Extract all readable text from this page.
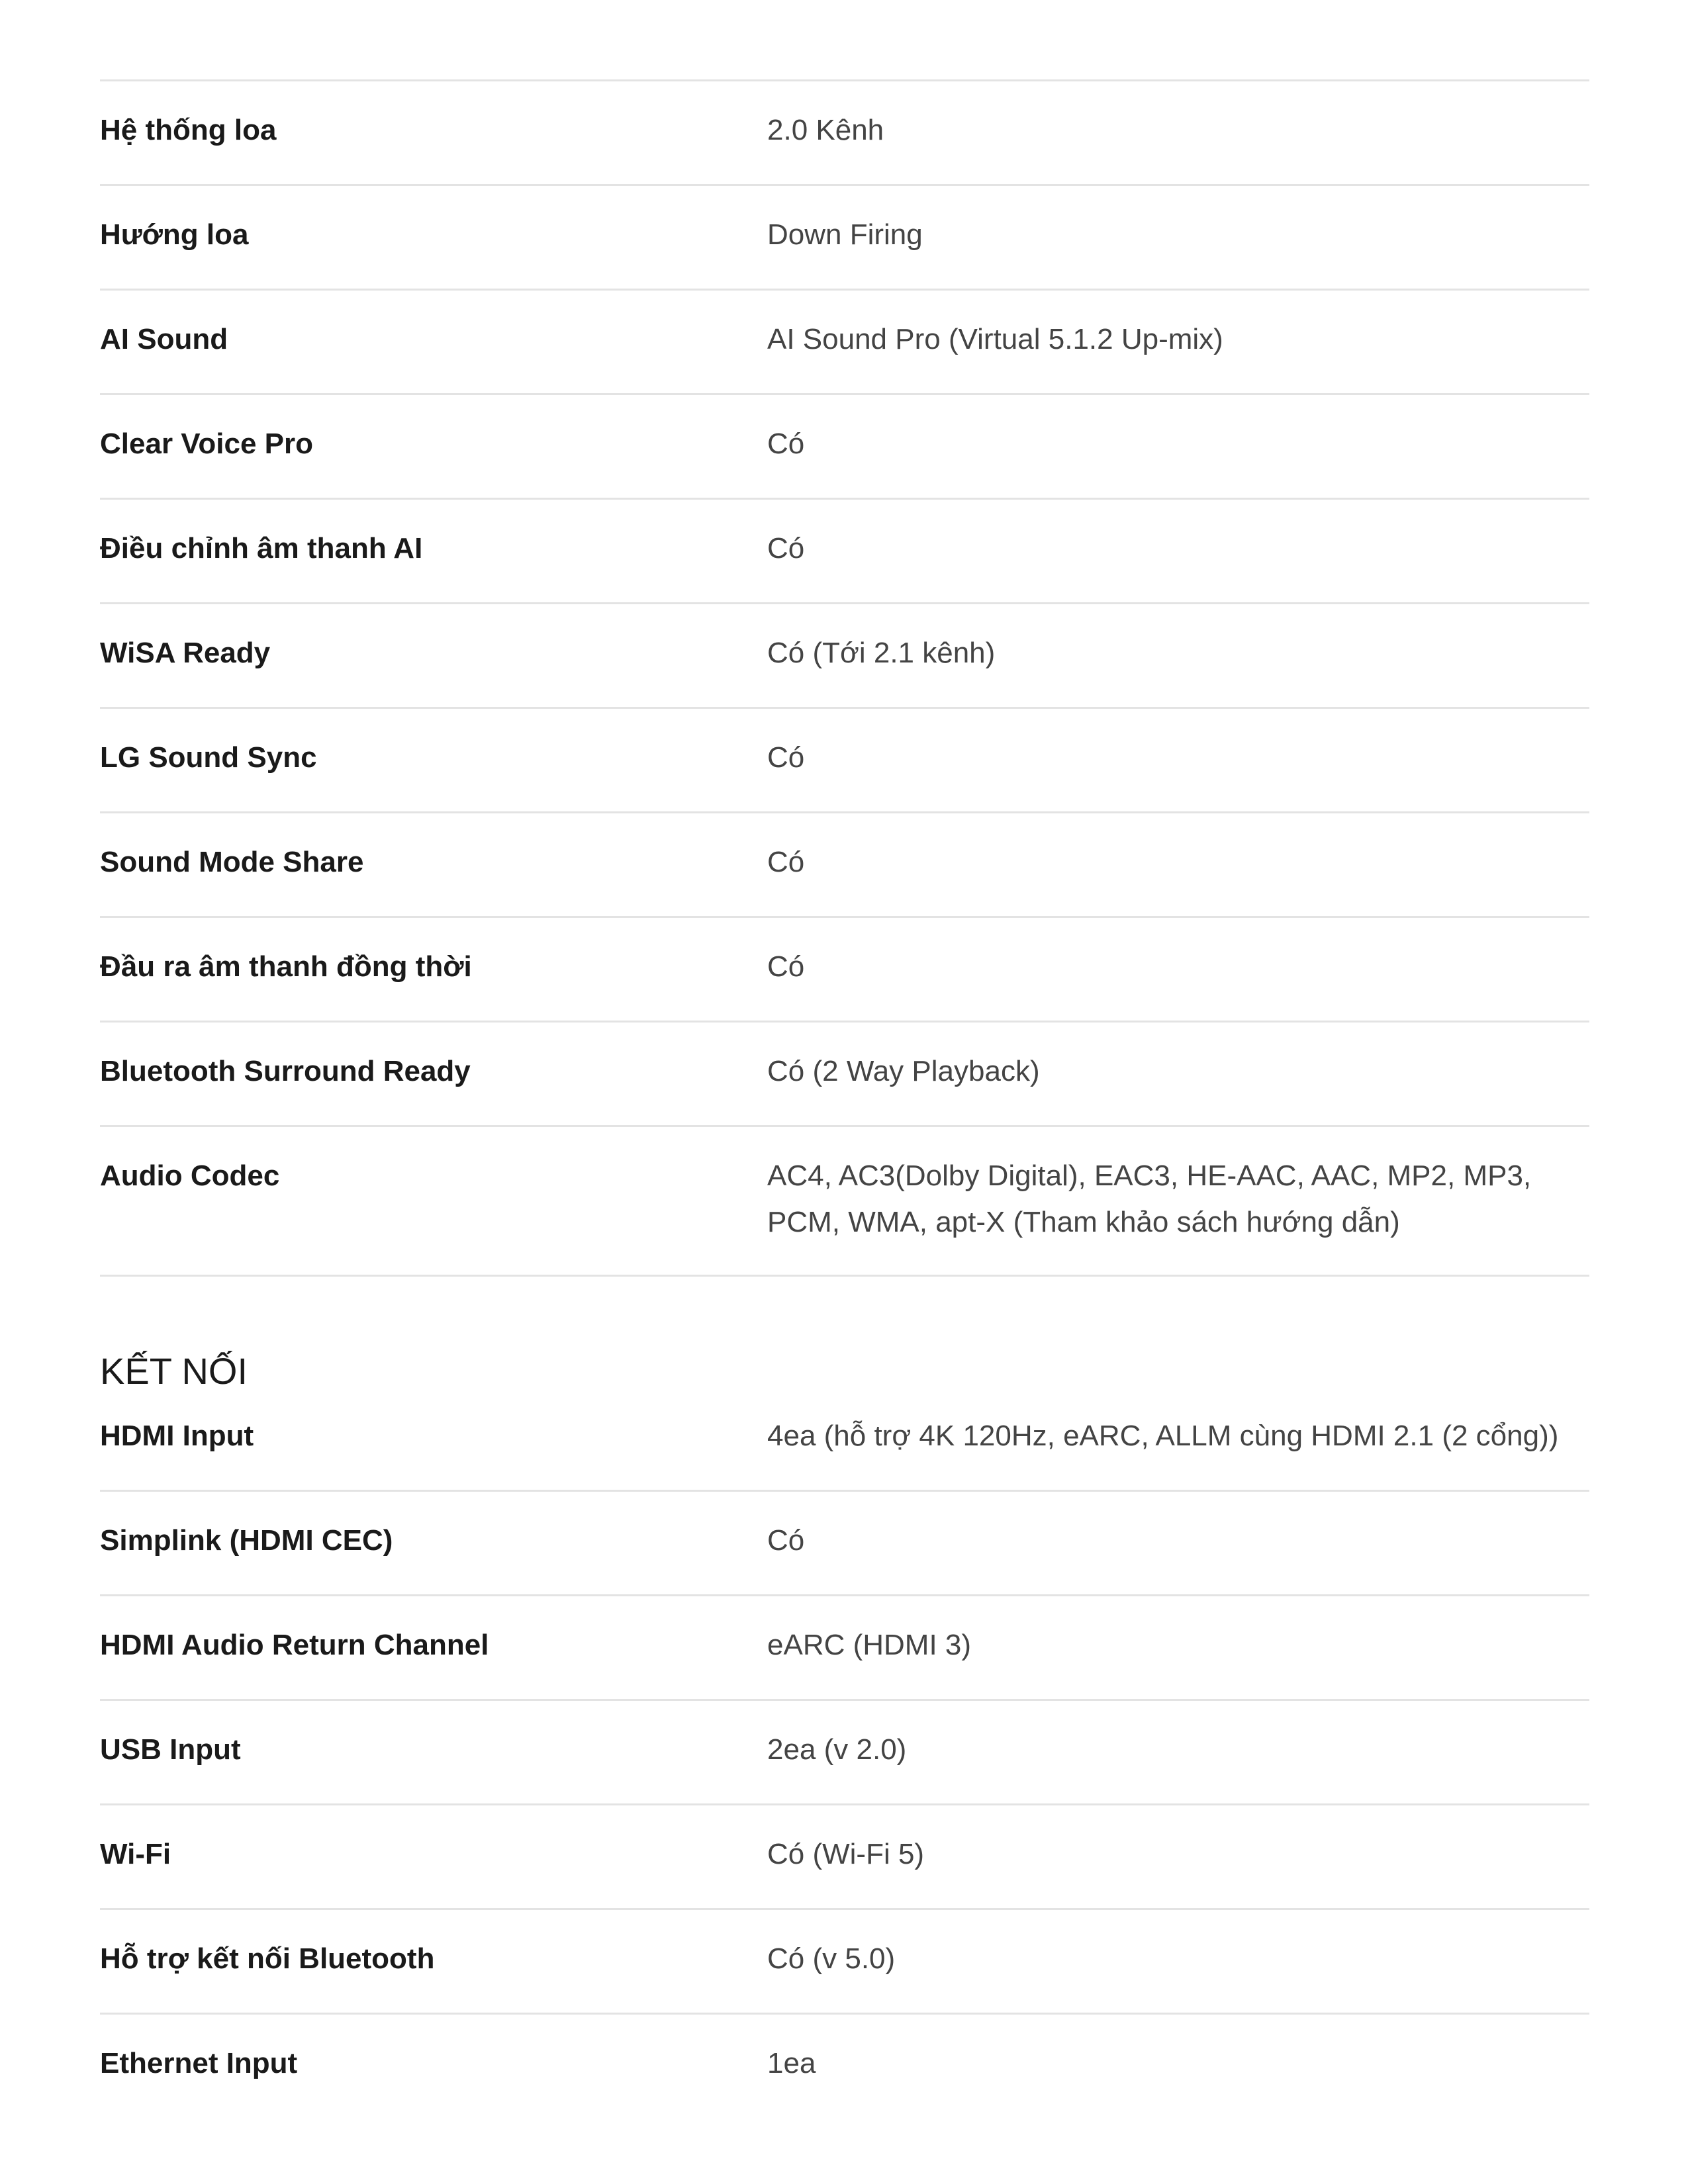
Hệ thống loa	2.0 Kênh
Hướng loa	Down Firing
AI Sound	AI Sound Pro (Virtual 5.1.2 Up-mix)
Clear Voice Pro	Có
Điều chỉnh âm thanh AI	Có
WiSA Ready	Có (Tới 2.1 kênh)
LG Sound Sync	Có
Sound Mode Share	Có
Đầu ra âm thanh đồng thời	Có
Bluetooth Surround Ready	Có (2 Way Playback)
Audio Codec	AC4, AC3(Dolby Digital), EAC3, HE-AAC, AAC, MP2, MP3, PCM, WMA, apt-X (Tham khảo sách hướng dẫn)
KẾT NỐI
HDMI Input	4ea (hỗ trợ 4K 120Hz, eARC, ALLM cùng HDMI 2.1 (2 cổng))
Simplink (HDMI CEC)	Có
HDMI Audio Return Channel	eARC (HDMI 3)
USB Input	2ea (v 2.0)
Wi-Fi	Có (Wi-Fi 5)
Hỗ trợ kết nối Bluetooth	Có (v 5.0)
Ethernet Input	1ea
